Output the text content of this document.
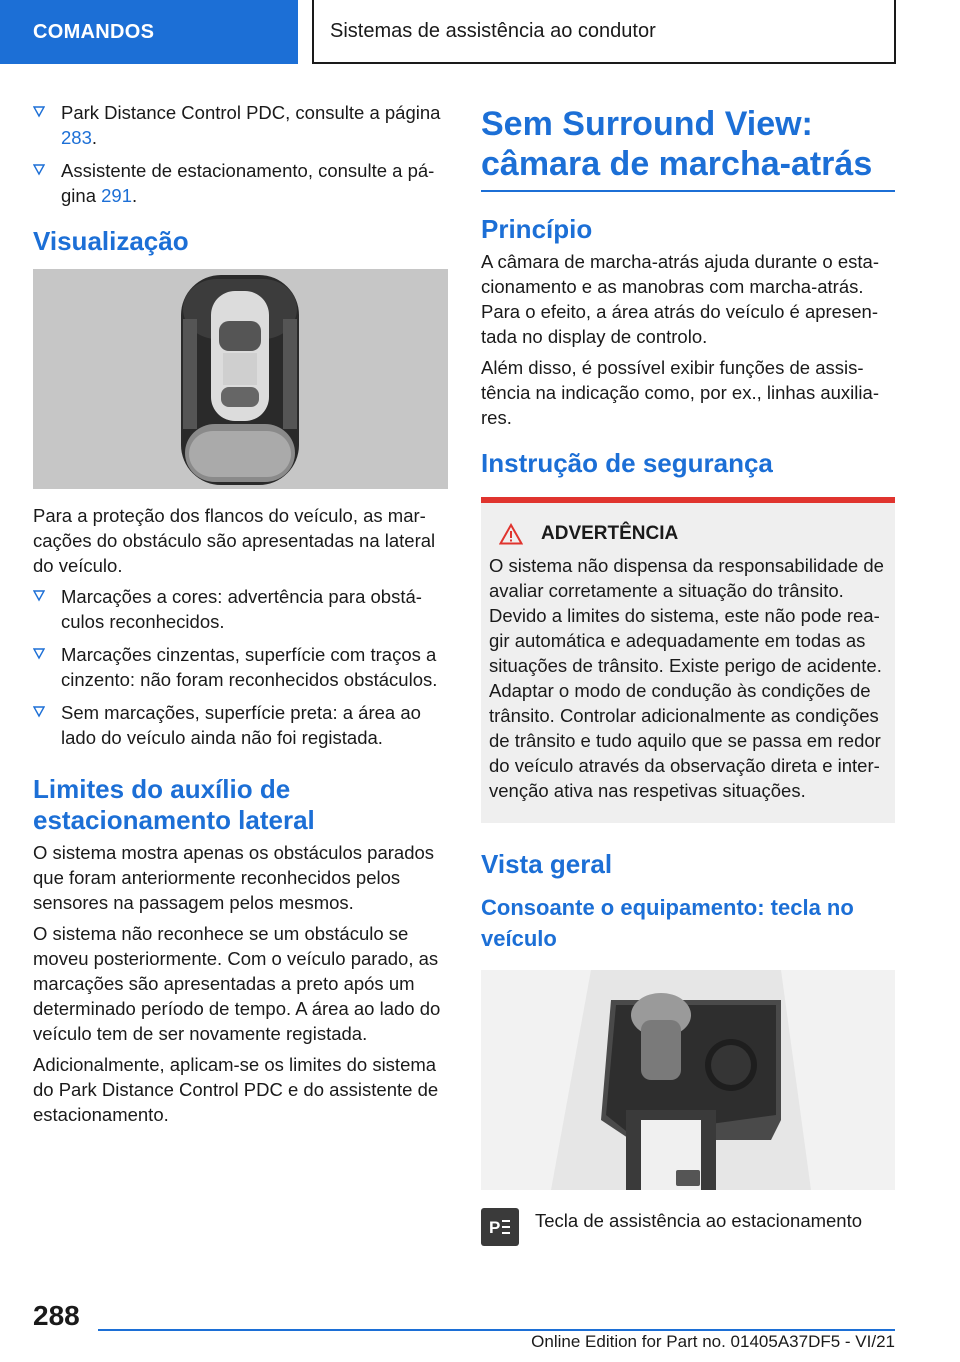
COMANDOS	Sistemas de assistência ao condutor
Park Distance Control PDC, consulte a página 283.
Assistente de estacionamento, consulte a página 291.
Visualização

Para a proteção dos flancos do veículo, as marcações do obstáculo são apresentadas na lateral do veículo.

Marcações a cores: advertência para obstáculos reconhecidos.
Marcações cinzentas, superfície com traços a cinzento: não foram reconhecidos obstáculos.
Sem marcações, superfície preta: a área ao lado do veículo ainda não foi registada.
Limites do auxílio de estacionamento lateral

O sistema mostra apenas os obstáculos parados que foram anteriormente reconhecidos pelos sensores na passagem pelos mesmos.

O sistema não reconhece se um obstáculo se moveu posteriormente. Com o veículo parado, as marcações são apresentadas a preto após um determinado período de tempo. A área ao lado do veículo tem de ser novamente registada.

Adicionalmente, aplicam-se os limites do sistema do Park Distance Control PDC e do assistente de estacionamento.

Sem Surround View: câmara de marcha-atrás
Princípio

A câmara de marcha-atrás ajuda durante o estacionamento e as manobras com marcha-atrás. Para o efeito, a área atrás do veículo é apresentada no display de controlo.

Além disso, é possível exibir funções de assistência na indicação como, por ex., linhas auxiliares.

Instrução de segurança
ADVERTÊNCIA

O sistema não dispensa da responsabilidade de avaliar corretamente a situação do trânsito. Devido a limites do sistema, este não pode reagir automática e adequadamente em todas as situações de trânsito. Existe perigo de acidente. Adaptar o modo de condução às condições de trânsito. Controlar adicionalmente as condições de trânsito e tudo aquilo que se passa em redor do veículo através da observação direta e intervenção ativa nas respetivas situações.

Vista geral
Consoante o equipamento: tecla no veículo
P Tecla de assistência ao estacionamento

288
Online Edition for Part no. 01405A37DF5 - VI/21
